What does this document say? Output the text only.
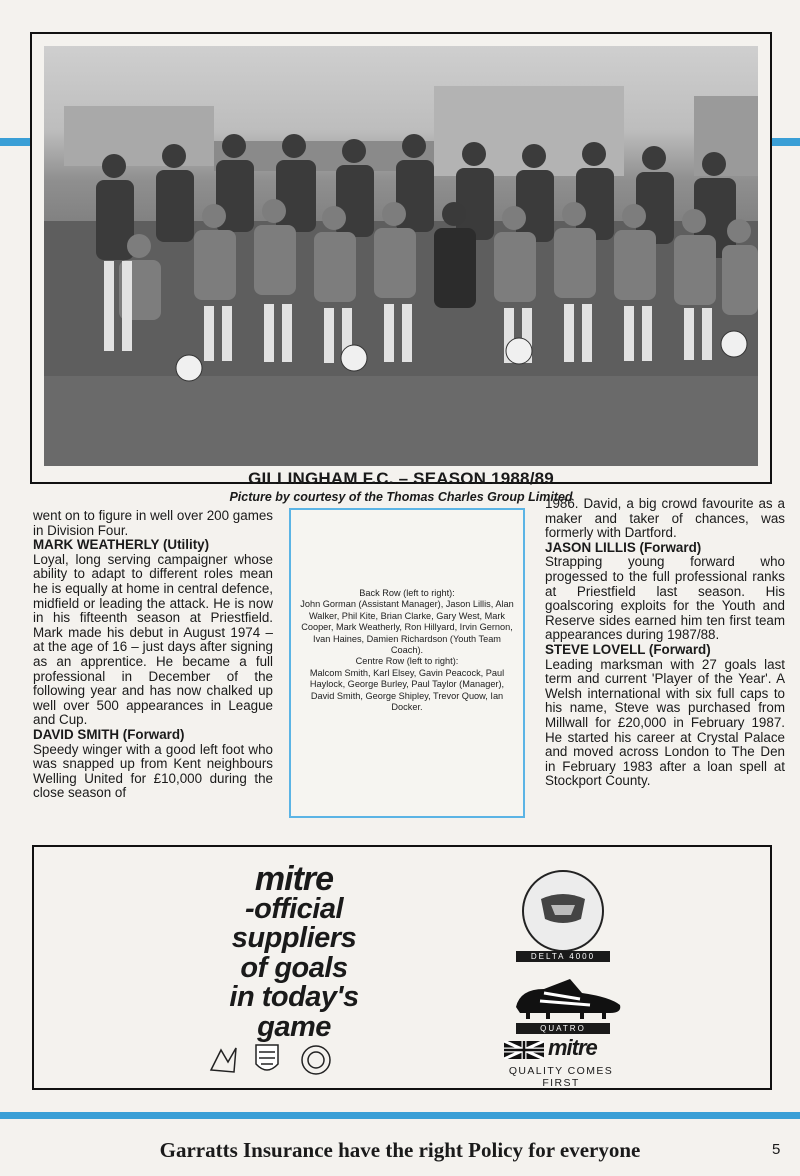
GILLINGHAM F.C. – SEASON 1988/89
Picture by courtesy of the Thomas Charles Group Limited

went on to figure in well over 200 games in Division Four.

MARK WEATHERLY (Utility)

Loyal, long serving campaigner whose ability to adapt to different roles mean he is equally at home in central defence, midfield or leading the attack. He is now in his fifteenth season at Priestfield. Mark made his debut in August 1974 – at the age of 16 – just days after signing as an apprentice. He became a full professional in December of the following year and has now chalked up well over 500 appearances in League and Cup.

DAVID SMITH (Forward)

Speedy winger with a good left foot who was snapped up from Kent neighbours Welling United for £10,000 during the close season of

Back Row (left to right):

John Gorman (Assistant Manager), Jason Lillis, Alan Walker, Phil Kite, Brian Clarke, Gary West, Mark Cooper, Mark Weatherly, Ron Hillyard, Irvin Gernon, Ivan Haines, Damien Richardson (Youth Team Coach).

Centre Row (left to right):

Malcom Smith, Karl Elsey, Gavin Peacock, Paul Haylock, George Burley, Paul Taylor (Manager), David Smith, George Shipley, Trevor Quow, Ian Docker.

1986. David, a big crowd favourite as a maker and taker of chances, was formerly with Dartford.

JASON LILLIS (Forward)

Strapping young forward who progessed to the full professional ranks at Priestfield last season. His goalscoring exploits for the Youth and Reserve sides earned him ten first team appearances during 1987/88.

STEVE LOVELL (Forward)

Leading marksman with 27 goals last term and current 'Player of the Year'. A Welsh international with six full caps to his name, Steve was purchased from Millwall for £20,000 in February 1987. He started his career at Crystal Palace and moved across London to The Den in February 1983 after a loan spell at Stockport County.

mitre
-official
suppliers
of goals
in today's
game
DELTA 4000
QUATRO
mitre
QUALITY COMES FIRST
Garratts Insurance have the right Policy for everyone	5
